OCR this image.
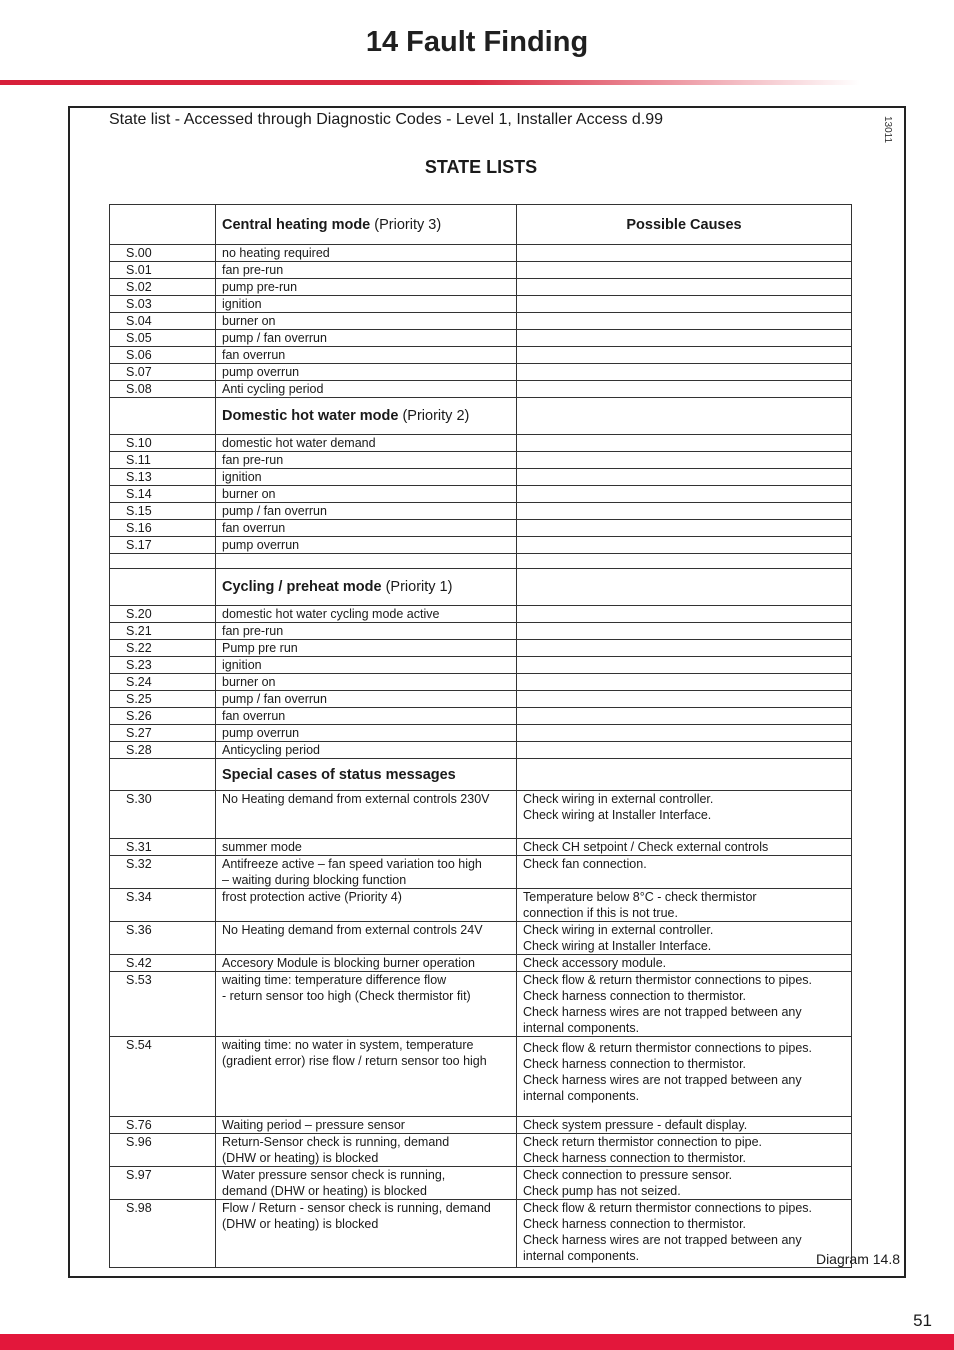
14 Fault Finding
State list - Accessed through Diagnostic Codes - Level 1, Installer Access d.99	13011
STATE LISTS
	Central heating mode (Priority 3)	Possible Causes
S.00	no heating required	
S.01	fan pre-run	
S.02	pump pre-run	
S.03	ignition	
S.04	burner on	
S.05	pump / fan overrun	
S.06	fan overrun	
S.07	pump overrun	
S.08	Anti cycling period	
	Domestic hot water mode (Priority 2)	
S.10	domestic hot water demand	
S.11	fan pre-run	
S.13	ignition	
S.14	burner on	
S.15	pump / fan overrun	
S.16	fan overrun	
S.17	pump overrun	

	Cycling / preheat mode (Priority 1)	
S.20	domestic hot water cycling mode active	
S.21	fan pre-run	
S.22	Pump pre run	
S.23	ignition	
S.24	burner on	
S.25	pump / fan overrun	
S.26	fan overrun	
S.27	pump overrun	
S.28	Anticycling period	
	Special cases of status messages	
S.30	No Heating demand from external controls 230V	Check wiring in external controller.
Check wiring at Installer Interface.
S.31	summer mode	Check CH setpoint / Check external controls
S.32	Antifreeze active – fan speed variation too high
– waiting during blocking function	Check fan connection.
S.34	frost protection active (Priority 4)	Temperature below 8°C - check thermistor
connection if this is not true.
S.36	No Heating demand from external controls 24V	Check wiring in external controller.
Check wiring at Installer Interface.
S.42	Accesory Module is blocking burner operation	Check accessory module.
S.53	waiting time: temperature difference flow
- return sensor too high (Check thermistor fit)	Check flow & return thermistor connections to pipes.
Check harness connection to thermistor.
Check harness wires are not trapped between any
internal components.
S.54	waiting time: no water in system, temperature
(gradient error) rise flow / return sensor too high	Check flow & return thermistor connections to pipes.
Check harness connection to thermistor.
Check harness wires are not trapped between any
internal components.
S.76	Waiting period – pressure sensor	Check system pressure - default display.
S.96	Return-Sensor check is running, demand
(DHW or heating) is blocked	Check return thermistor connection to pipe.
Check harness connection to thermistor.
S.97	Water pressure sensor check is running,
demand (DHW or heating) is blocked	Check connection to pressure sensor.
Check pump has not seized.
S.98	Flow / Return - sensor check is running, demand
(DHW or heating) is blocked	Check flow & return thermistor connections to pipes.
Check harness connection to thermistor.
Check harness wires are not trapped between any
internal components.	Diagram 14.8
51
